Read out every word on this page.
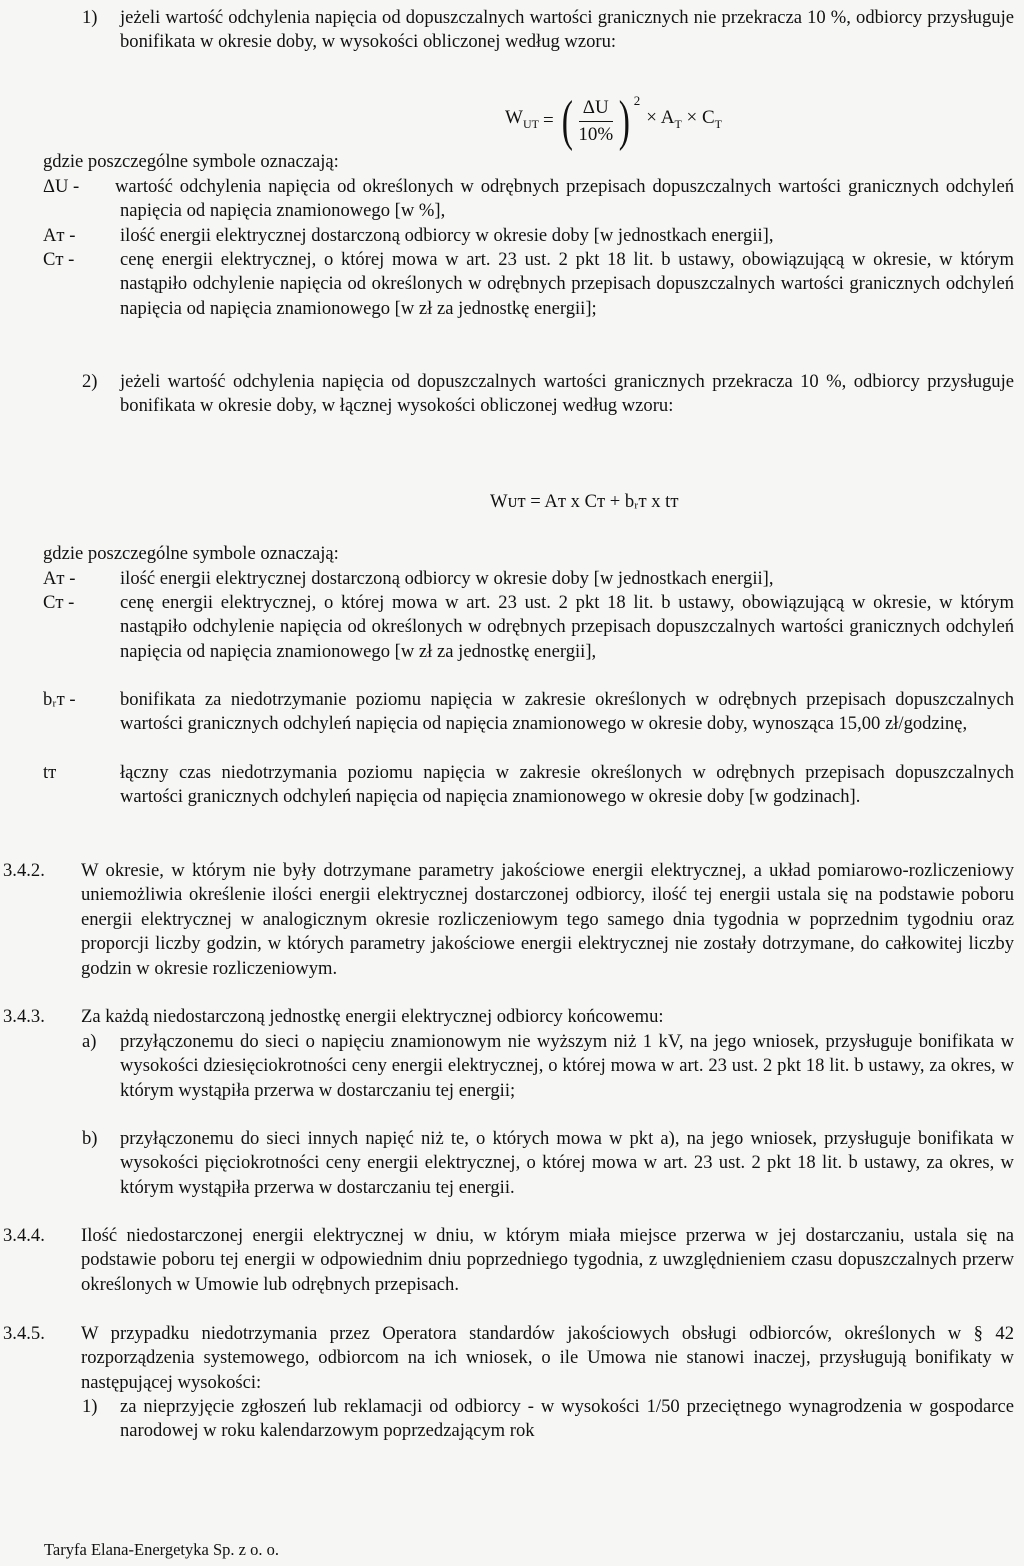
1) jeżeli wartość odchylenia napięcia od dopuszczalnych wartości granicznych nie przekracza 10 %, odbiorcy przysługuje bonifikata w okresie doby, w wysokości obliczonej według wzoru:
$W_{UT}$ = ( $\frac{\Delta U}{10\%}$ ) 2
× $A_T \times C_T$
gdzie poszczególne symbole oznaczają:
ΔU - wartość odchylenia napięcia od określonych w odrębnych przepisach dopuszczalnych wartości granicznych odchyleń napięcia od napięcia znamionowego [w %],
Aᴛ - ilość energii elektrycznej dostarczoną odbiorcy w okresie doby [w jednostkach energii],
Cᴛ - cenę energii elektrycznej, o której mowa w art. 23 ust. 2 pkt 18 lit. b ustawy, obowiązującą w okresie, w którym nastąpiło odchylenie napięcia od określonych w odrębnych przepisach dopuszczalnych wartości granicznych odchyleń napięcia od napięcia znamionowego [w zł za jednostkę energii];
2) jeżeli wartość odchylenia napięcia od dopuszczalnych wartości granicznych przekracza 10 %, odbiorcy przysługuje bonifikata w okresie doby, w łącznej wysokości obliczonej według wzoru:
Wᴜᴛ = Aᴛ x Cᴛ + bᵣᴛ x tᴛ
gdzie poszczególne symbole oznaczają:
Aᴛ - ilość energii elektrycznej dostarczoną odbiorcy w okresie doby [w jednostkach energii],
Cᴛ - cenę energii elektrycznej, o której mowa w art. 23 ust. 2 pkt 18 lit. b ustawy, obowiązującą w okresie, w którym nastąpiło odchylenie napięcia od określonych w odrębnych przepisach dopuszczalnych wartości granicznych odchyleń napięcia od napięcia znamionowego [w zł za jednostkę energii],
bᵣᴛ - bonifikata za niedotrzymanie poziomu napięcia w zakresie określonych w odrębnych przepisach dopuszczalnych wartości granicznych odchyleń napięcia od napięcia znamionowego w okresie doby, wynosząca 15,00 zł/godzinę,
tᴛ	łączny czas niedotrzymania poziomu napięcia w zakresie określonych w odrębnych przepisach dopuszczalnych wartości granicznych odchyleń napięcia od napięcia znamionowego w okresie doby [w godzinach].
3.4.2. W okresie, w którym nie były dotrzymane parametry jakościowe energii elektrycznej, a układ pomiarowo-rozliczeniowy uniemożliwia określenie ilości energii elektrycznej dostarczonej odbiorcy, ilość tej energii ustala się na podstawie poboru energii elektrycznej w analogicznym okresie rozliczeniowym tego samego dnia tygodnia w poprzednim tygodniu oraz proporcji liczby godzin, w których parametry jakościowe energii elektrycznej nie zostały dotrzymane, do całkowitej liczby godzin w okresie rozliczeniowym.
3.4.3. Za każdą niedostarczoną jednostkę energii elektrycznej odbiorcy końcowemu:
a) przyłączonemu do sieci o napięciu znamionowym nie wyższym niż 1 kV, na jego wniosek, przysługuje bonifikata w wysokości dziesięciokrotności ceny energii elektrycznej, o której mowa w art. 23 ust. 2 pkt 18 lit. b ustawy, za okres, w którym wystąpiła przerwa w dostarczaniu tej energii;
b) przyłączonemu do sieci innych napięć niż te, o których mowa w pkt a), na jego wniosek, przysługuje bonifikata w wysokości pięciokrotności ceny energii elektrycznej, o której mowa w art. 23 ust. 2 pkt 18 lit. b ustawy, za okres, w którym wystąpiła przerwa w dostarczaniu tej energii.
3.4.4. Ilość niedostarczonej energii elektrycznej w dniu, w którym miała miejsce przerwa w jej dostarczaniu, ustala się na podstawie poboru tej energii w odpowiednim dniu poprzedniego tygodnia, z uwzględnieniem czasu dopuszczalnych przerw określonych w Umowie lub odrębnych przepisach.
3.4.5. W przypadku niedotrzymania przez Operatora standardów jakościowych obsługi odbiorców, określonych w § 42 rozporządzenia systemowego, odbiorcom na ich wniosek, o ile Umowa nie stanowi inaczej, przysługują bonifikaty w następującej wysokości:
1) za nieprzyjęcie zgłoszeń lub reklamacji od odbiorcy - w wysokości 1/50 przeciętnego wynagrodzenia w gospodarce narodowej w roku kalendarzowym poprzedzającym rok
Taryfa Elana-Energetyka Sp. z o. o.
